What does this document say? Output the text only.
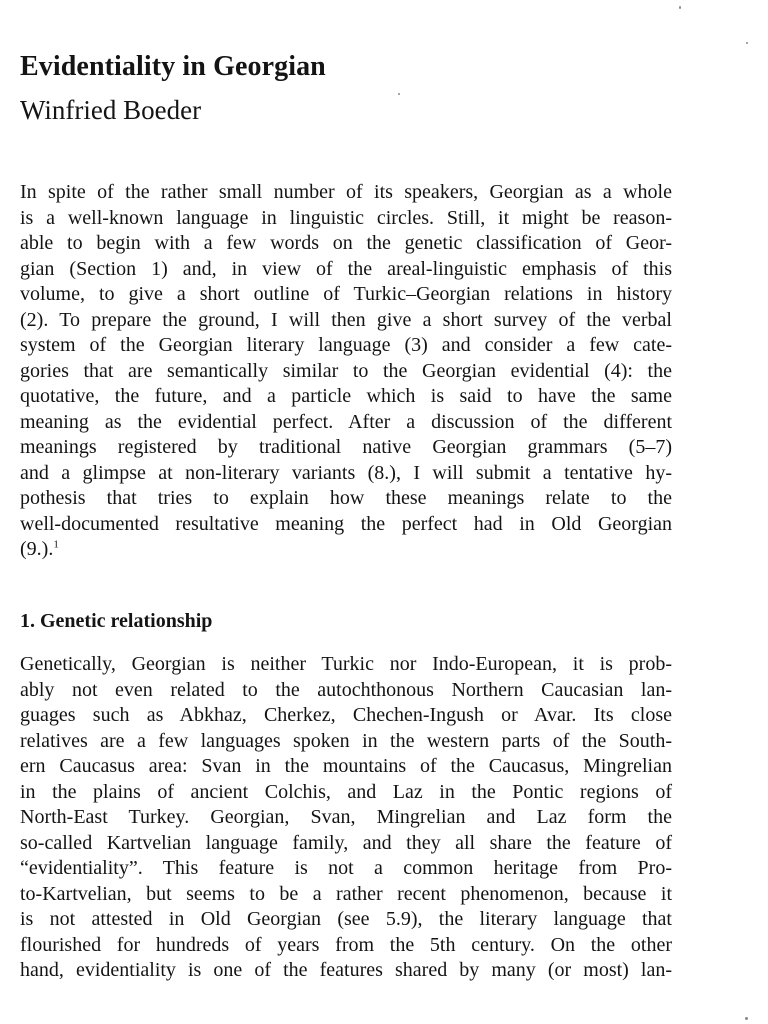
Evidentiality in Georgian
Winfried Boeder
In spite of the rather small number of its speakers, Georgian as a whole
is a well-known language in linguistic circles. Still, it might be reason-
able to begin with a few words on the genetic classification of Geor-
gian (Section 1) and, in view of the areal-linguistic emphasis of this
volume, to give a short outline of Turkic–Georgian relations in history
(2). To prepare the ground, I will then give a short survey of the verbal
system of the Georgian literary language (3) and consider a few cate-
gories that are semantically similar to the Georgian evidential (4): the
quotative, the future, and a particle which is said to have the same
meaning as the evidential perfect. After a discussion of the different
meanings registered by traditional native Georgian grammars (5–7)
and a glimpse at non-literary variants (8.), I will submit a tentative hy-
pothesis that tries to explain how these meanings relate to the
well-documented resultative meaning the perfect had in Old Georgian
(9.).$^1$
1. Genetic relationship
Genetically, Georgian is neither Turkic nor Indo-European, it is prob-
ably not even related to the autochthonous Northern Caucasian lan-
guages such as Abkhaz, Cherkez, Chechen-Ingush or Avar. Its close
relatives are a few languages spoken in the western parts of the South-
ern Caucasus area: Svan in the mountains of the Caucasus, Mingrelian
in the plains of ancient Colchis, and Laz in the Pontic regions of
North-East Turkey. Georgian, Svan, Mingrelian and Laz form the
so-called Kartvelian language family, and they all share the feature of
“evidentiality”. This feature is not a common heritage from Pro-
to-Kartvelian, but seems to be a rather recent phenomenon, because it
is not attested in Old Georgian (see 5.9), the literary language that
flourished for hundreds of years from the 5th century. On the other
hand, evidentiality is one of the features shared by many (or most) lan-
